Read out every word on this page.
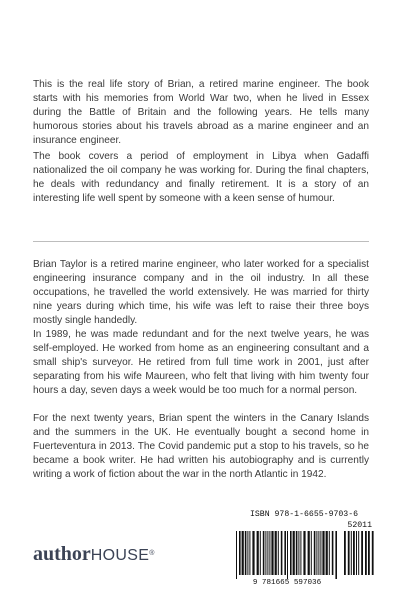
This is the real life story of Brian, a retired marine engineer. The book starts with his memories from World War two, when he lived in Essex during the Battle of Britain and the following years. He tells many humorous stories about his travels abroad as a marine engineer and an insurance engineer.

The book covers a period of employment in Libya when Gadaffi nationalized the oil company he was working for. During the final chapters, he deals with redundancy and finally retirement. It is a story of an interesting life well spent by someone with a keen sense of humour.

Brian Taylor is a retired marine engineer, who later worked for a specialist engineering insurance company and in the oil industry. In all these occupations, he travelled the world extensively. He was married for thirty nine years during which time, his wife was left to raise their three boys mostly single handedly.

In 1989, he was made redundant and for the next twelve years, he was self-employed. He worked from home as an engineering consultant and a small ship's surveyor. He retired from full time work in 2001, just after separating from his wife Maureen, who felt that living with him twenty four hours a day, seven days a week would be too much for a normal person.

For the next twenty years, Brian spent the winters in the Canary Islands and the summers in the UK. He eventually bought a second home in Fuerteventura in 2013. The Covid pandemic put a stop to his travels, so he became a book writer. He had written his autobiography and is currently writing a work of fiction about the war in the north Atlantic in 1942.

authorHOUSE®
ISBN 978-1-6655-9703-6
52011
9 781665 597036
